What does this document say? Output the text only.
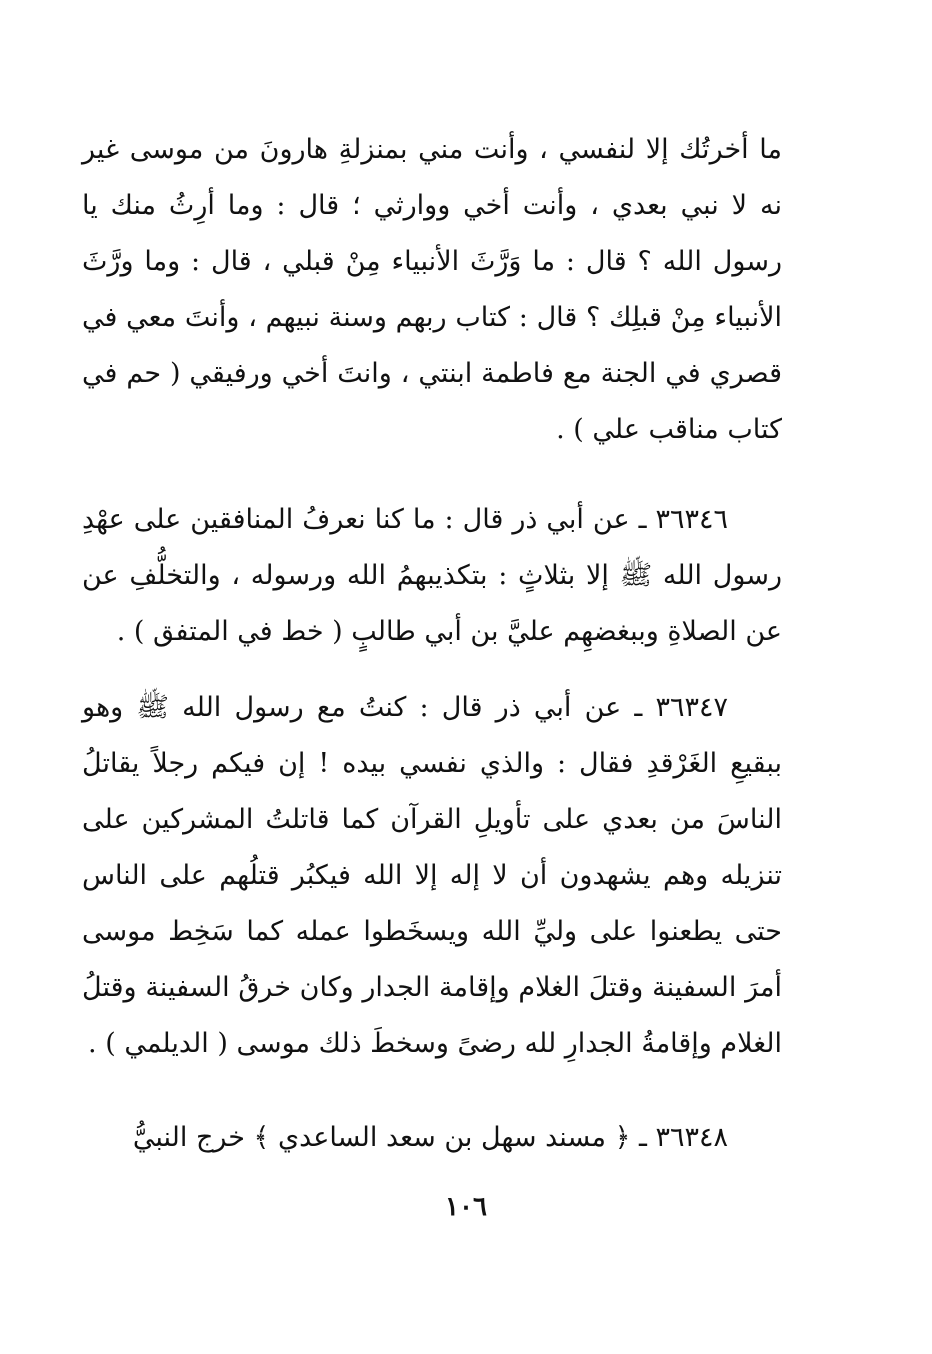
ما أخرتُك إلا لنفسي ، وأنت مني بمنزلةِ هارونَ من موسى غير نه لا نبي بعدي ، وأنت أخي ووارثي ؛ قال : وما أرِثُ منك يا رسول الله ؟ قال : ما وَرَّثَ الأنبياء مِنْ قبلي ، قال : وما ورَّثَ الأنبياء مِنْ قبلِك ؟ قال : كتاب ربهم وسنة نبيهم ، وأنتَ معي في قصري في الجنة مع فاطمة ابنتي ، وانتَ أخي ورفيقي ( حم في كتاب مناقب علي ) .

٣٦٣٤٦ ـ عن أبي ذر قال : ما كنا نعرفُ المنافقين على عهْدِ رسول الله ﷺ إلا بثلاثٍ : بتكذيبهمُ الله ورسوله ، والتخلُّفِ عن عن الصلاةِ وببغضهِم عليَّ بن أبي طالبٍ ( خط في المتفق ) .

٣٦٣٤٧ ـ عن أبي ذر قال : كنتُ مع رسول الله ﷺ وهو ببقيعِ الغَرْقدِ فقال : والذي نفسي بيده ! إن فيكم رجلاً يقاتلُ الناسَ من بعدي على تأويلِ القرآن كما قاتلتُ المشركين على تنزيله وهم يشهدون أن لا إله إلا الله فيكبُر قتلُهم على الناس حتى يطعنوا على وليِّ الله ويسخَطوا عمله كما سَخِط موسى أمرَ السفينة وقتلَ الغلام وإقامة الجدار وكان خرقُ السفينة وقتلُ الغلام وإقامةُ الجدارِ لله رضىً وسخطَ ذلك موسى ( الديلمي ) .

٣٦٣٤٨ ـ ﴿ مسند سهل بن سعد الساعدي ﴾ خرج النبيُّ

١٠٦
